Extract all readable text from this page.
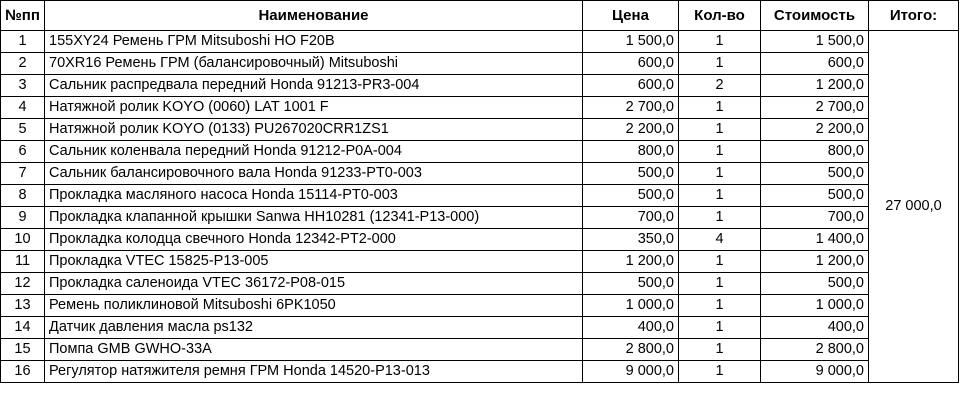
№пп	Наименование	Цена	Кол-во	Стоимость	Итого:
1	155XY24 Ремень ГРМ Mitsuboshi HO F20B	1 500,0	1	1 500,0	27 000,0
2	70XR16 Ремень ГРМ (балансировочный) Mitsuboshi	600,0	1	600,0	
3	Сальник распредвала передний Honda 91213-PR3-004	600,0	2	1 200,0	
4	Натяжной ролик KOYO (0060) LAT 1001 F	2 700,0	1	2 700,0	
5	Натяжной ролик KOYO (0133) PU267020CRR1ZS1	2 200,0	1	2 200,0	
6	Сальник коленвала передний Honda 91212-P0A-004	800,0	1	800,0	
7	Сальник балансировочного вала Honda 91233-PT0-003	500,0	1	500,0	
8	Прокладка масляного насоса Honda 15114-PT0-003	500,0	1	500,0	
9	Прокладка клапанной крышки Sanwa HH10281 (12341-P13-000)	700,0	1	700,0	
10	Прокладка колодца свечного Honda 12342-PT2-000	350,0	4	1 400,0	
11	Прокладка VTEC 15825-P13-005	1 200,0	1	1 200,0	
12	Прокладка саленоида VTEC 36172-P08-015	500,0	1	500,0	
13	Ремень поликлиновой Mitsuboshi 6PK1050	1 000,0	1	1 000,0	
14	Датчик давления масла ps132	400,0	1	400,0	
15	Помпа GMB GWHO-33A	2 800,0	1	2 800,0	
16	Регулятор натяжителя ремня ГРМ Honda 14520-P13-013	9 000,0	1	9 000,0	
